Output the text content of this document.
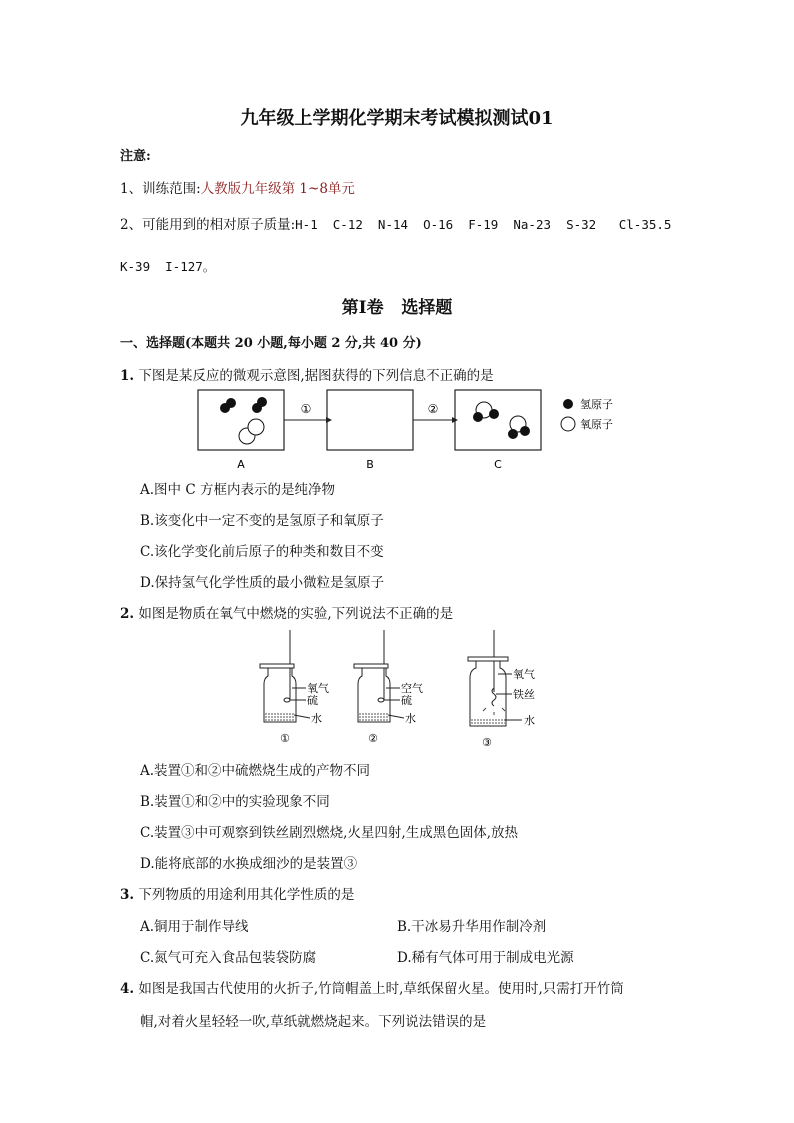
九年级上学期化学期末考试模拟测试01
注意:
1、训练范围:人教版九年级第 1~8单元
2、可能用到的相对原子质量:H-1  C-12  N-14  O-16  F-19  Na-23  S-32   Cl-35.5
K-39  I-127。
第Ⅰ卷   选择题
一、选择题(本题共 20 小题,每小题 2 分,共 40 分)
1. 下图是某反应的微观示意图,据图获得的下列信息不正确的是
①	②
A	B	C
氢原子
氧原子
A.图中 C 方框内表示的是纯净物
B.该变化中一定不变的是氢原子和氧原子
C.该化学变化前后原子的种类和数目不变
D.保持氢气化学性质的最小微粒是氢原子
2. 如图是物质在氧气中燃烧的实验,下列说法不正确的是
氧气
硫
水
①
空气
硫
水
②
氧气
铁丝
水
③
A.装置①和②中硫燃烧生成的产物不同
B.装置①和②中的实验现象不同
C.装置③中可观察到铁丝剧烈燃烧,火星四射,生成黑色固体,放热
D.能将底部的水换成细沙的是装置③
3. 下列物质的用途利用其化学性质的是
A.铜用于制作导线	B.干冰易升华用作制冷剂
C.氮气可充入食品包装袋防腐	D.稀有气体可用于制成电光源
4. 如图是我国古代使用的火折子,竹筒帽盖上时,草纸保留火星。使用时,只需打开竹筒
帽,对着火星轻轻一吹,草纸就燃烧起来。下列说法错误的是
